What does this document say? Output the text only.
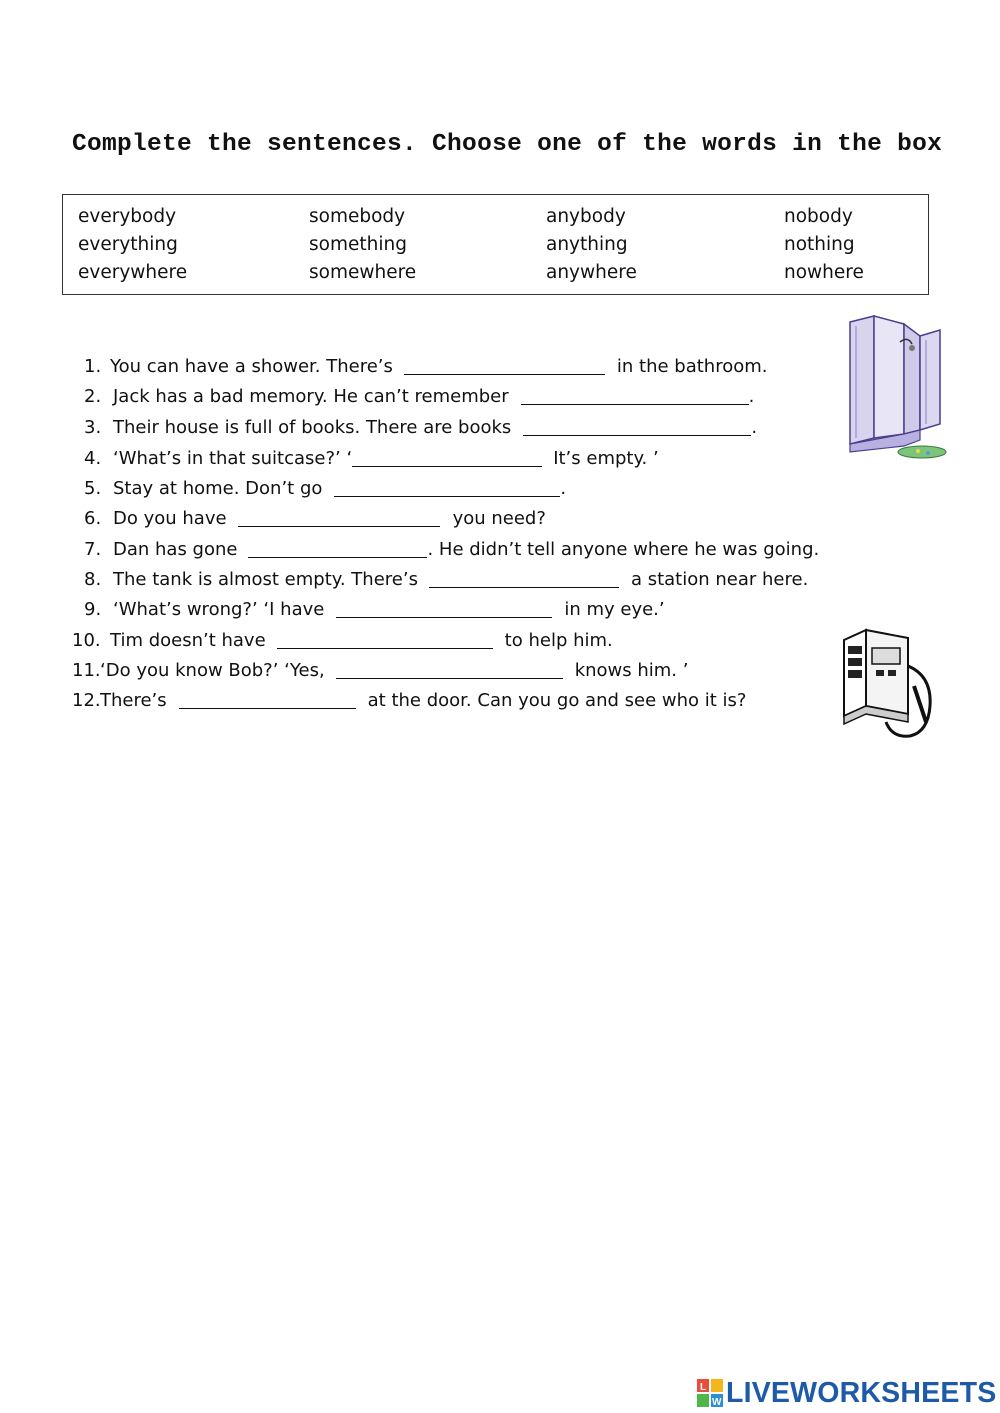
Complete the sentences. Choose one of the words in the box
everybody	somebody	anybody	nobody
everything	something	anything	nothing
everywhere	somewhere	anywhere	nowhere
1. You can have a shower. There’s	in the bathroom.
2. Jack has a bad memory. He can’t remember	.
3. Their house is full of books. There are books	.
4. ‘What’s in that suitcase?’ ‘	It’s empty. ’
5. Stay at home. Don’t go	.
6. Do you have	you need?
7. Dan has gone	. He didn’t tell anyone where he was going.
8. The tank is almost empty. There’s	a station near here.
9. ‘What’s wrong?’ ‘I have	in my eye.’
10. Tim doesn’t have	to help him.
11.‘Do you know Bob?’ ‘Yes,	knows him. ’
12.There’s	at the door. Can you go and see who it is?
L
W LIVEWORKSHEETS
